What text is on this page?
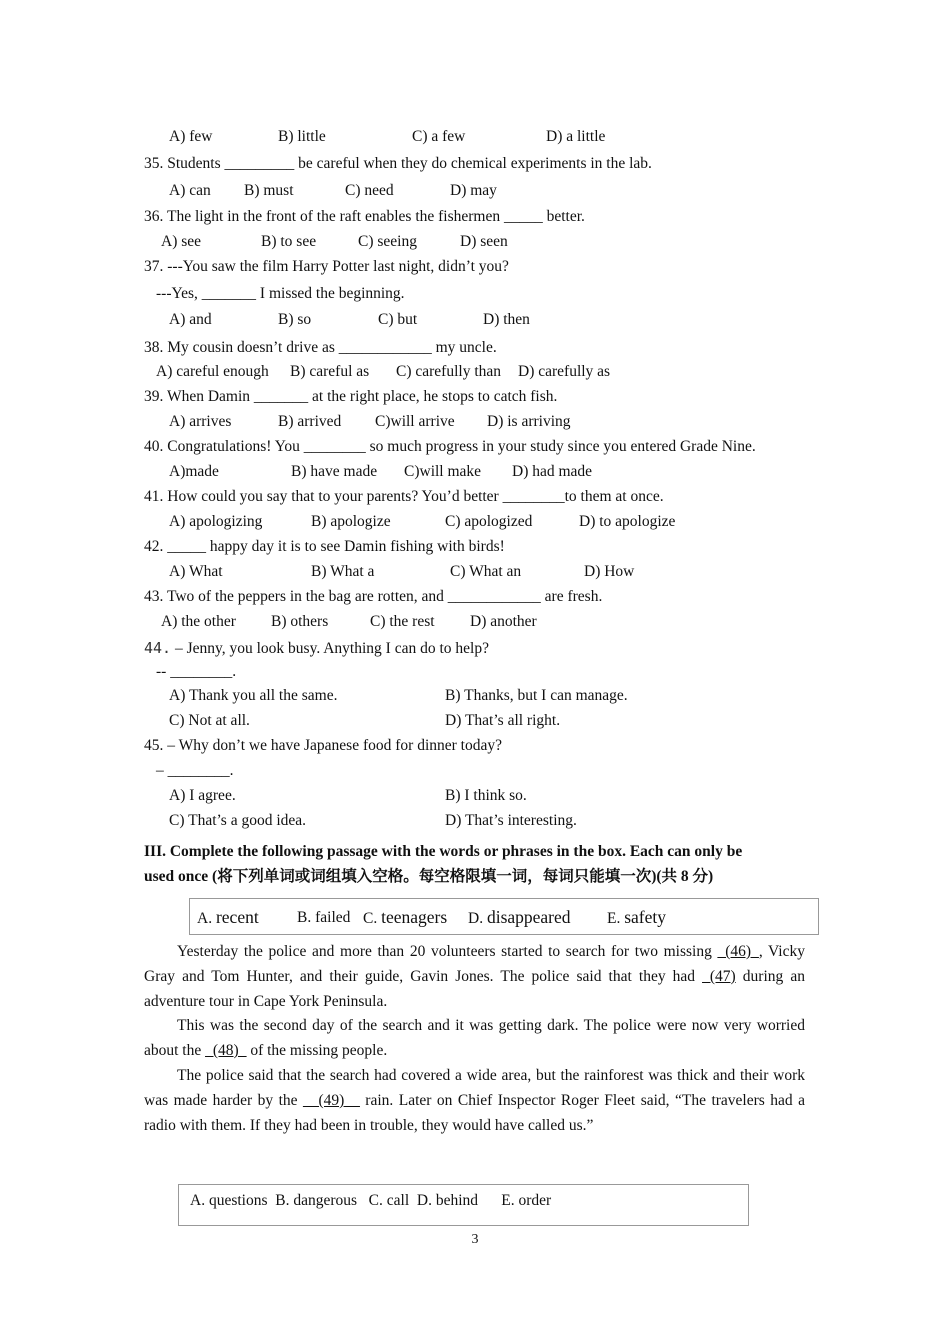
A) few	B) little	C) a few	D) a little
35. Students _________ be careful when they do chemical experiments in the lab.
A) can B) must	C) need	D) may
36. The light in the front of the raft enables the fishermen _____ better.
A) see	B) to see	C) seeing	D) seen
37. ---You saw the film Harry Potter last night, didn’t you?
---Yes, _______ I missed the beginning.
A) and	B) so	C) but	D) then
38. My cousin doesn’t drive as ____________ my uncle.
A) careful enough B) careful as C) carefully than D) carefully as
39. When Damin _______ at the right place, he stops to catch fish.
A) arrives	B) arrived C)will arrive D) is arriving
40. Congratulations! You ________ so much progress in your study since you entered Grade Nine.
A)made	B) have made C)will make D) had made
41. How could you say that to your parents? You’d better ________to them at once.
A) apologizing	B) apologize	C) apologized	D) to apologize
42. _____ happy day it is to see Damin fishing with birds!
A) What	B) What a	C) What an	D) How
43. Two of the peppers in the bag are rotten, and ____________ are fresh.
A) the other B) others	C) the rest D) another
44. – Jenny, you look busy. Anything I can do to help?
-- ________.
A) Thank you all the same.	B) Thanks, but I can manage.
C) Not at all.	D) That’s all right.
45. – Why don’t we have Japanese food for dinner today?
– ________.
A) I agree.	B) I think so.
C) That’s a good idea.	D) That’s interesting.
III. Complete the following passage with the words or phrases in the box. Each can only be
used once (将下列单词或词组填入空格。每空格限填一词，每词只能填一次)(共 8 分)
A. recent B. failed C. teenagers D. disappeared E. safety
Yesterday the police and more than 20 volunteers started to search for two missing _(46)_, Vicky Gray and Tom Hunter, and their guide, Gavin Jones. The police said that they had _(47) during an adventure tour in Cape York Peninsula.
This was the second day of the search and it was getting dark. The police were now very worried about the _(48)_ of the missing people.
The police said that the search had covered a wide area, but the rainforest was thick and their work was made harder by the __(49)__ rain. Later on Chief Inspector Roger Fleet said, “The travelers had a radio with them. If they had been in trouble, they would have called us.”
A. questions  B. dangerous   C. call  D. behind      E. order
3
